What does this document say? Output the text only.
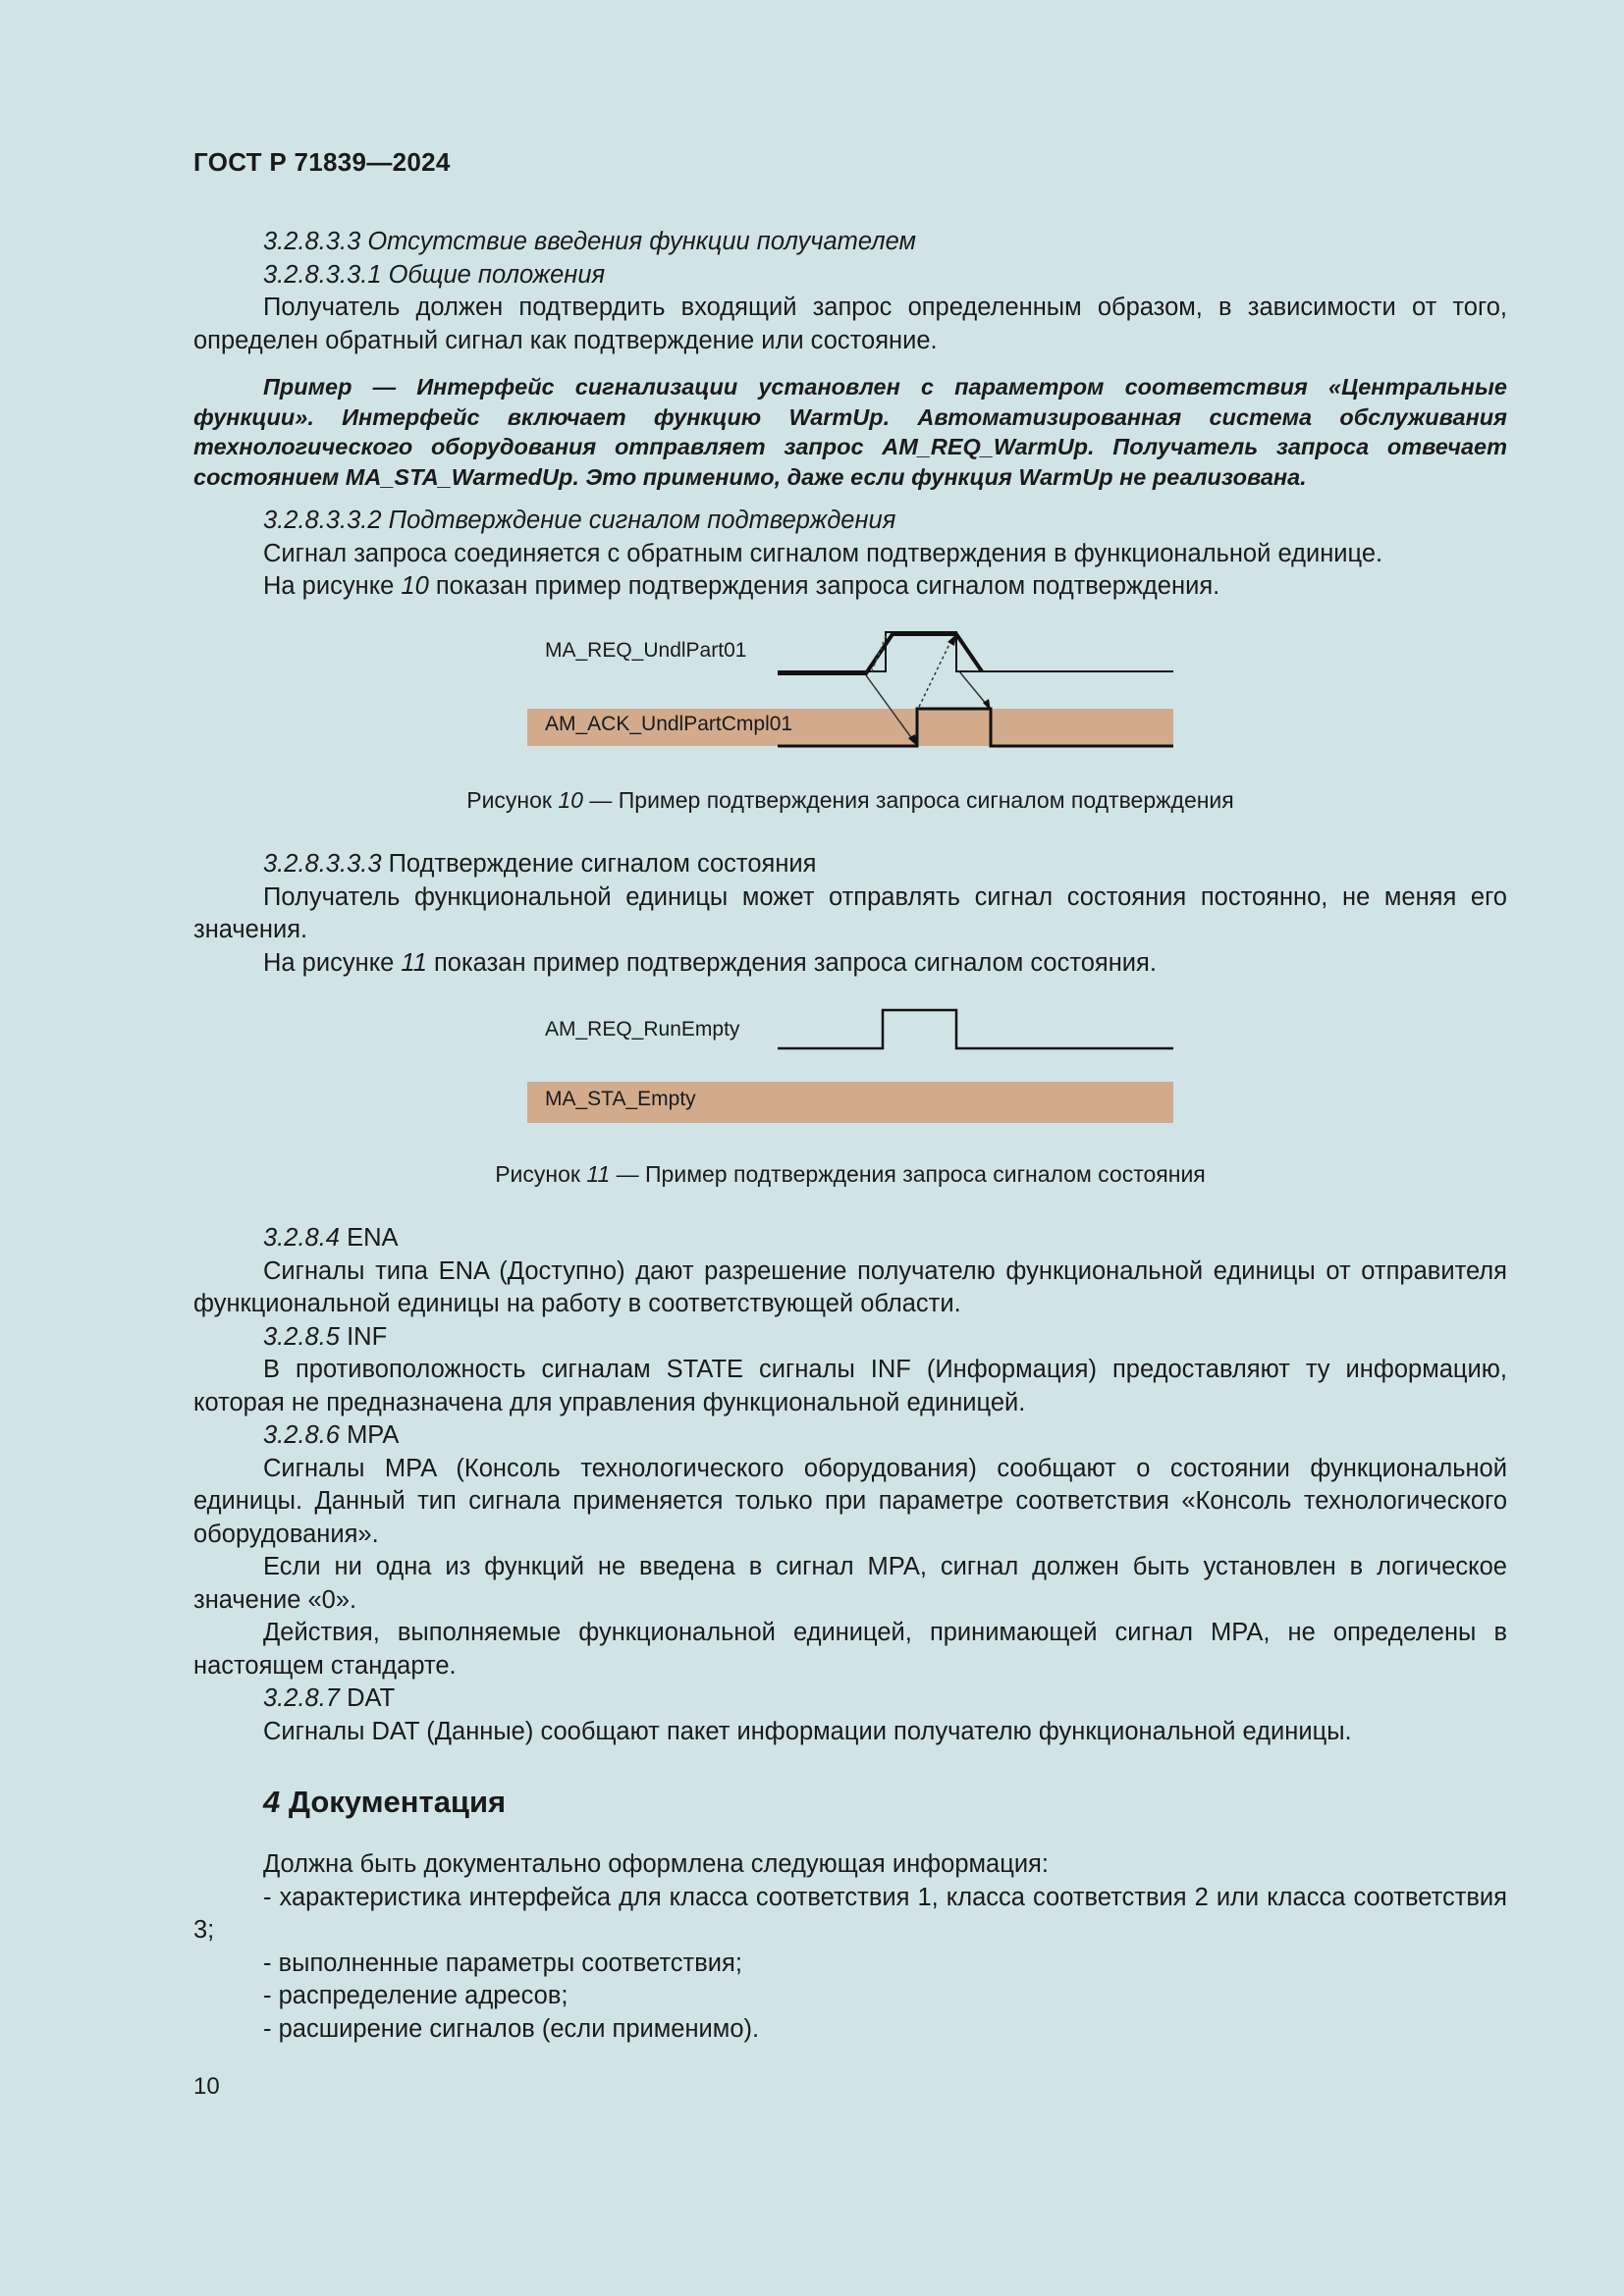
ГОСТ Р 71839—2024

3.2.8.3.3 Отсутствие введения функции получателем

3.2.8.3.3.1 Общие положения

Получатель должен подтвердить входящий запрос определенным образом, в зависимости от того, определен обратный сигнал как подтверждение или состояние.

Пример — Интерфейс сигнализации установлен с параметром соответствия «Центральные функции». Интерфейс включает функцию WarmUp. Автоматизированная система обслуживания технологического оборудования отправляет запрос AM_REQ_WarmUp. Получатель запроса отвечает состоянием MA_STA_WarmedUp. Это применимо, даже если функция WarmUp не реализована.

3.2.8.3.3.2 Подтверждение сигналом подтверждения

Сигнал запроса соединяется с обратным сигналом подтверждения в функциональной единице.

На рисунке 10 показан пример подтверждения запроса сигналом подтверждения.

MA_REQ_UndlPart01
AM_ACK_UndlPartCmpl01

Рисунок 10 — Пример подтверждения запроса сигналом подтверждения

3.2.8.3.3.3 Подтверждение сигналом состояния

Получатель функциональной единицы может отправлять сигнал состояния постоянно, не меняя его значения.

На рисунке 11 показан пример подтверждения запроса сигналом состояния.

AM_REQ_RunEmpty
MA_STA_Empty

Рисунок 11 — Пример подтверждения запроса сигналом состояния

3.2.8.4 ENA

Сигналы типа ENA (Доступно) дают разрешение получателю функциональной единицы от отправителя функциональной единицы на работу в соответствующей области.

3.2.8.5 INF

В противоположность сигналам STATE сигналы INF (Информация) предоставляют ту информацию, которая не предназначена для управления функциональной единицей.

3.2.8.6 MPA

Сигналы MPA (Консоль технологического оборудования) сообщают о состоянии функциональной единицы. Данный тип сигнала применяется только при параметре соответствия «Консоль технологического оборудования».

Если ни одна из функций не введена в сигнал MPA, сигнал должен быть установлен в логическое значение «0».

Действия, выполняемые функциональной единицей, принимающей сигнал MPA, не определены в настоящем стандарте.

3.2.8.7 DAT

Сигналы DAT (Данные) сообщают пакет информации получателю функциональной единицы.

4 Документация

Должна быть документально оформлена следующая информация:

- характеристика интерфейса для класса соответствия 1, класса соответствия 2 или класса соответствия 3;

- выполненные параметры соответствия;

- распределение адресов;

- расширение сигналов (если применимо).

10
